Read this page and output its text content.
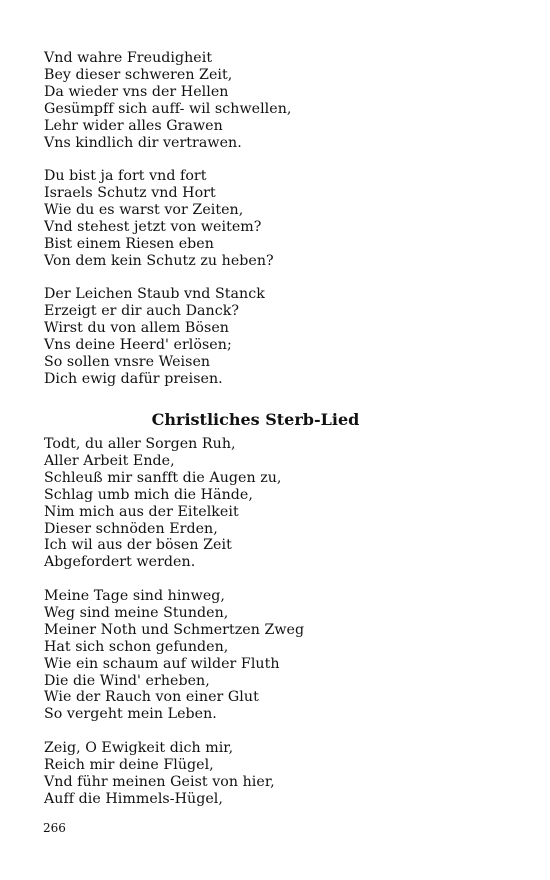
Vnd wahre Freudigheit
Bey dieser schweren Zeit,
Da wieder vns der Hellen
Gesümpff sich auff- wil schwellen,
Lehr wider alles Grawen
Vns kindlich dir vertrawen.
Du bist ja fort vnd fort
Israels Schutz vnd Hort
Wie du es warst vor Zeiten,
Vnd stehest jetzt von weitem?
Bist einem Riesen eben
Von dem kein Schutz zu heben?
Der Leichen Staub vnd Stanck
Erzeigt er dir auch Danck?
Wirst du von allem Bösen
Vns deine Heerd' erlösen;
So sollen vnsre Weisen
Dich ewig dafür preisen.
Christliches Sterb-Lied
Todt, du aller Sorgen Ruh,
Aller Arbeit Ende,
Schleuß mir sanfft die Augen zu,
Schlag umb mich die Hände,
Nim mich aus der Eitelkeit
Dieser schnöden Erden,
Ich wil aus der bösen Zeit
Abgefordert werden.
Meine Tage sind hinweg,
Weg sind meine Stunden,
Meiner Noth und Schmertzen Zweg
Hat sich schon gefunden,
Wie ein schaum auf wilder Fluth
Die die Wind' erheben,
Wie der Rauch von einer Glut
So vergeht mein Leben.
Zeig, O Ewigkeit dich mir,
Reich mir deine Flügel,
Vnd führ meinen Geist von hier,
Auff die Himmels-Hügel,
266
